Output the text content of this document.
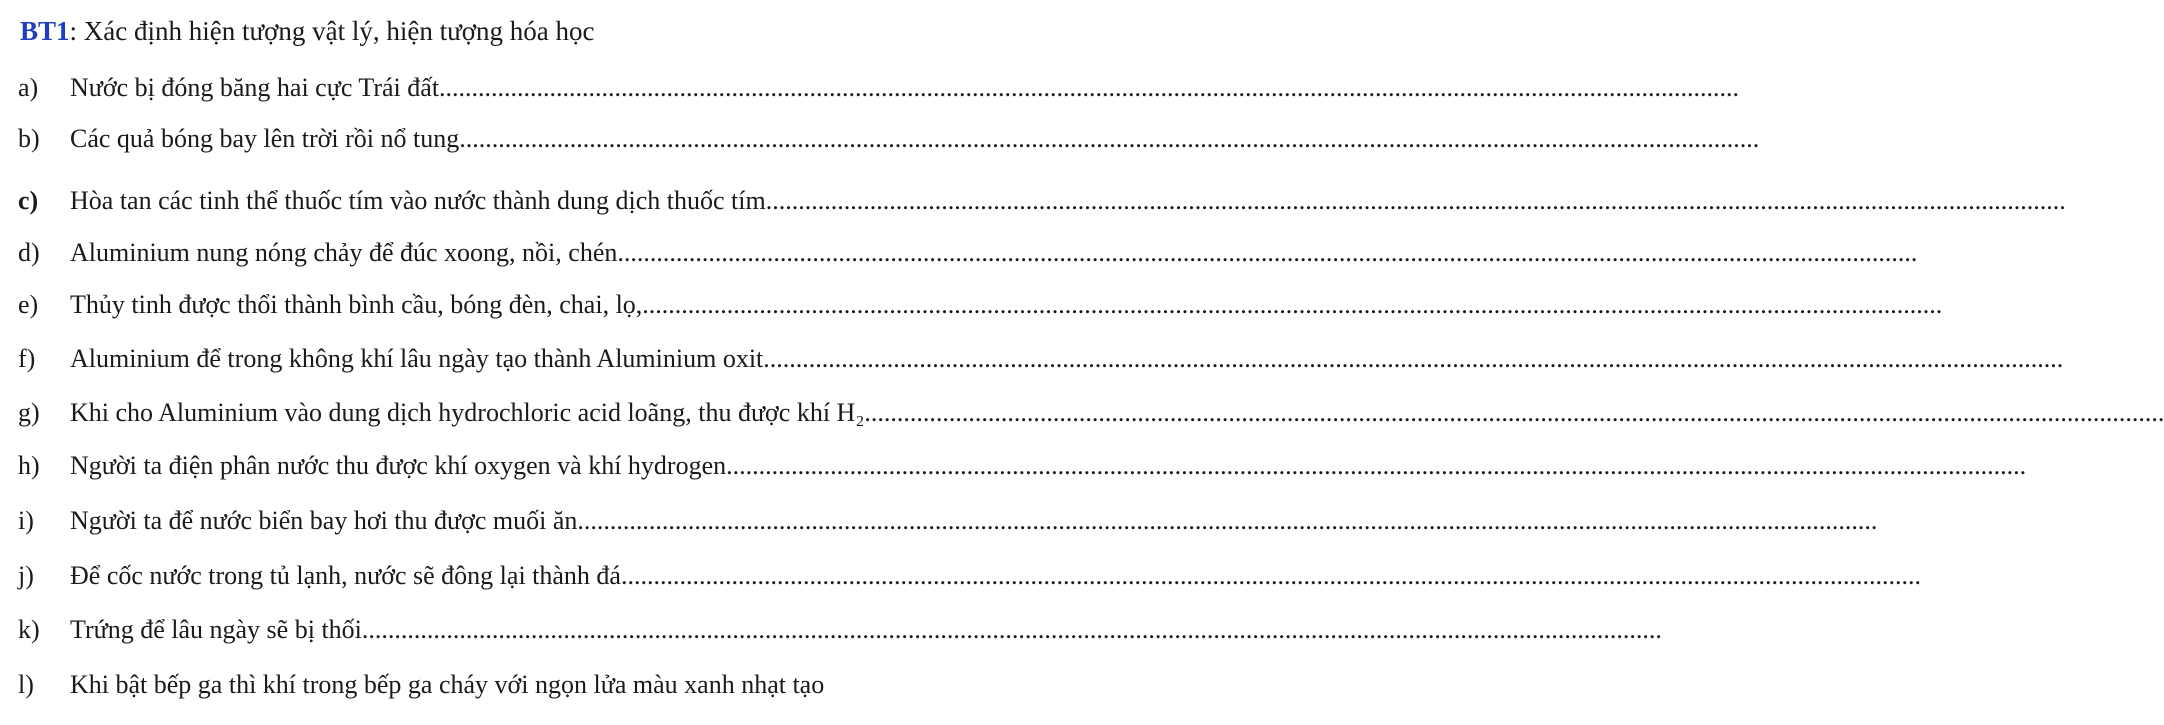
BT1: Xác định hiện tượng vật lý, hiện tượng hóa học
a) Nước bị đóng băng hai cực Trái đất........................................................................................................................................................................................................
b) Các quả bóng bay lên trời rồi nổ tung........................................................................................................................................................................................................
c) Hòa tan các tinh thể thuốc tím vào nước thành dung dịch thuốc tím........................................................................................................................................................................................................
d) Aluminium nung nóng chảy để đúc xoong, nồi, chén........................................................................................................................................................................................................
e) Thủy tinh được thổi thành bình cầu, bóng đèn, chai, lọ,........................................................................................................................................................................................................
f) Aluminium để trong không khí lâu ngày tạo thành Aluminium oxit........................................................................................................................................................................................................
g) Khi cho Aluminium vào dung dịch hydrochloric acid loãng, thu được khí H₂........................................................................................................................................................................................................
h) Người ta điện phân nước thu được khí oxygen và khí hydrogen........................................................................................................................................................................................................
i) Người ta để nước biển bay hơi thu được muối ăn........................................................................................................................................................................................................
j) Để cốc nước trong tủ lạnh, nước sẽ đông lại thành đá........................................................................................................................................................................................................
k) Trứng để lâu ngày sẽ bị thối........................................................................................................................................................................................................
l) Khi bật bếp ga thì khí trong bếp ga cháy với ngọn lửa màu xanh nhạt tạo
